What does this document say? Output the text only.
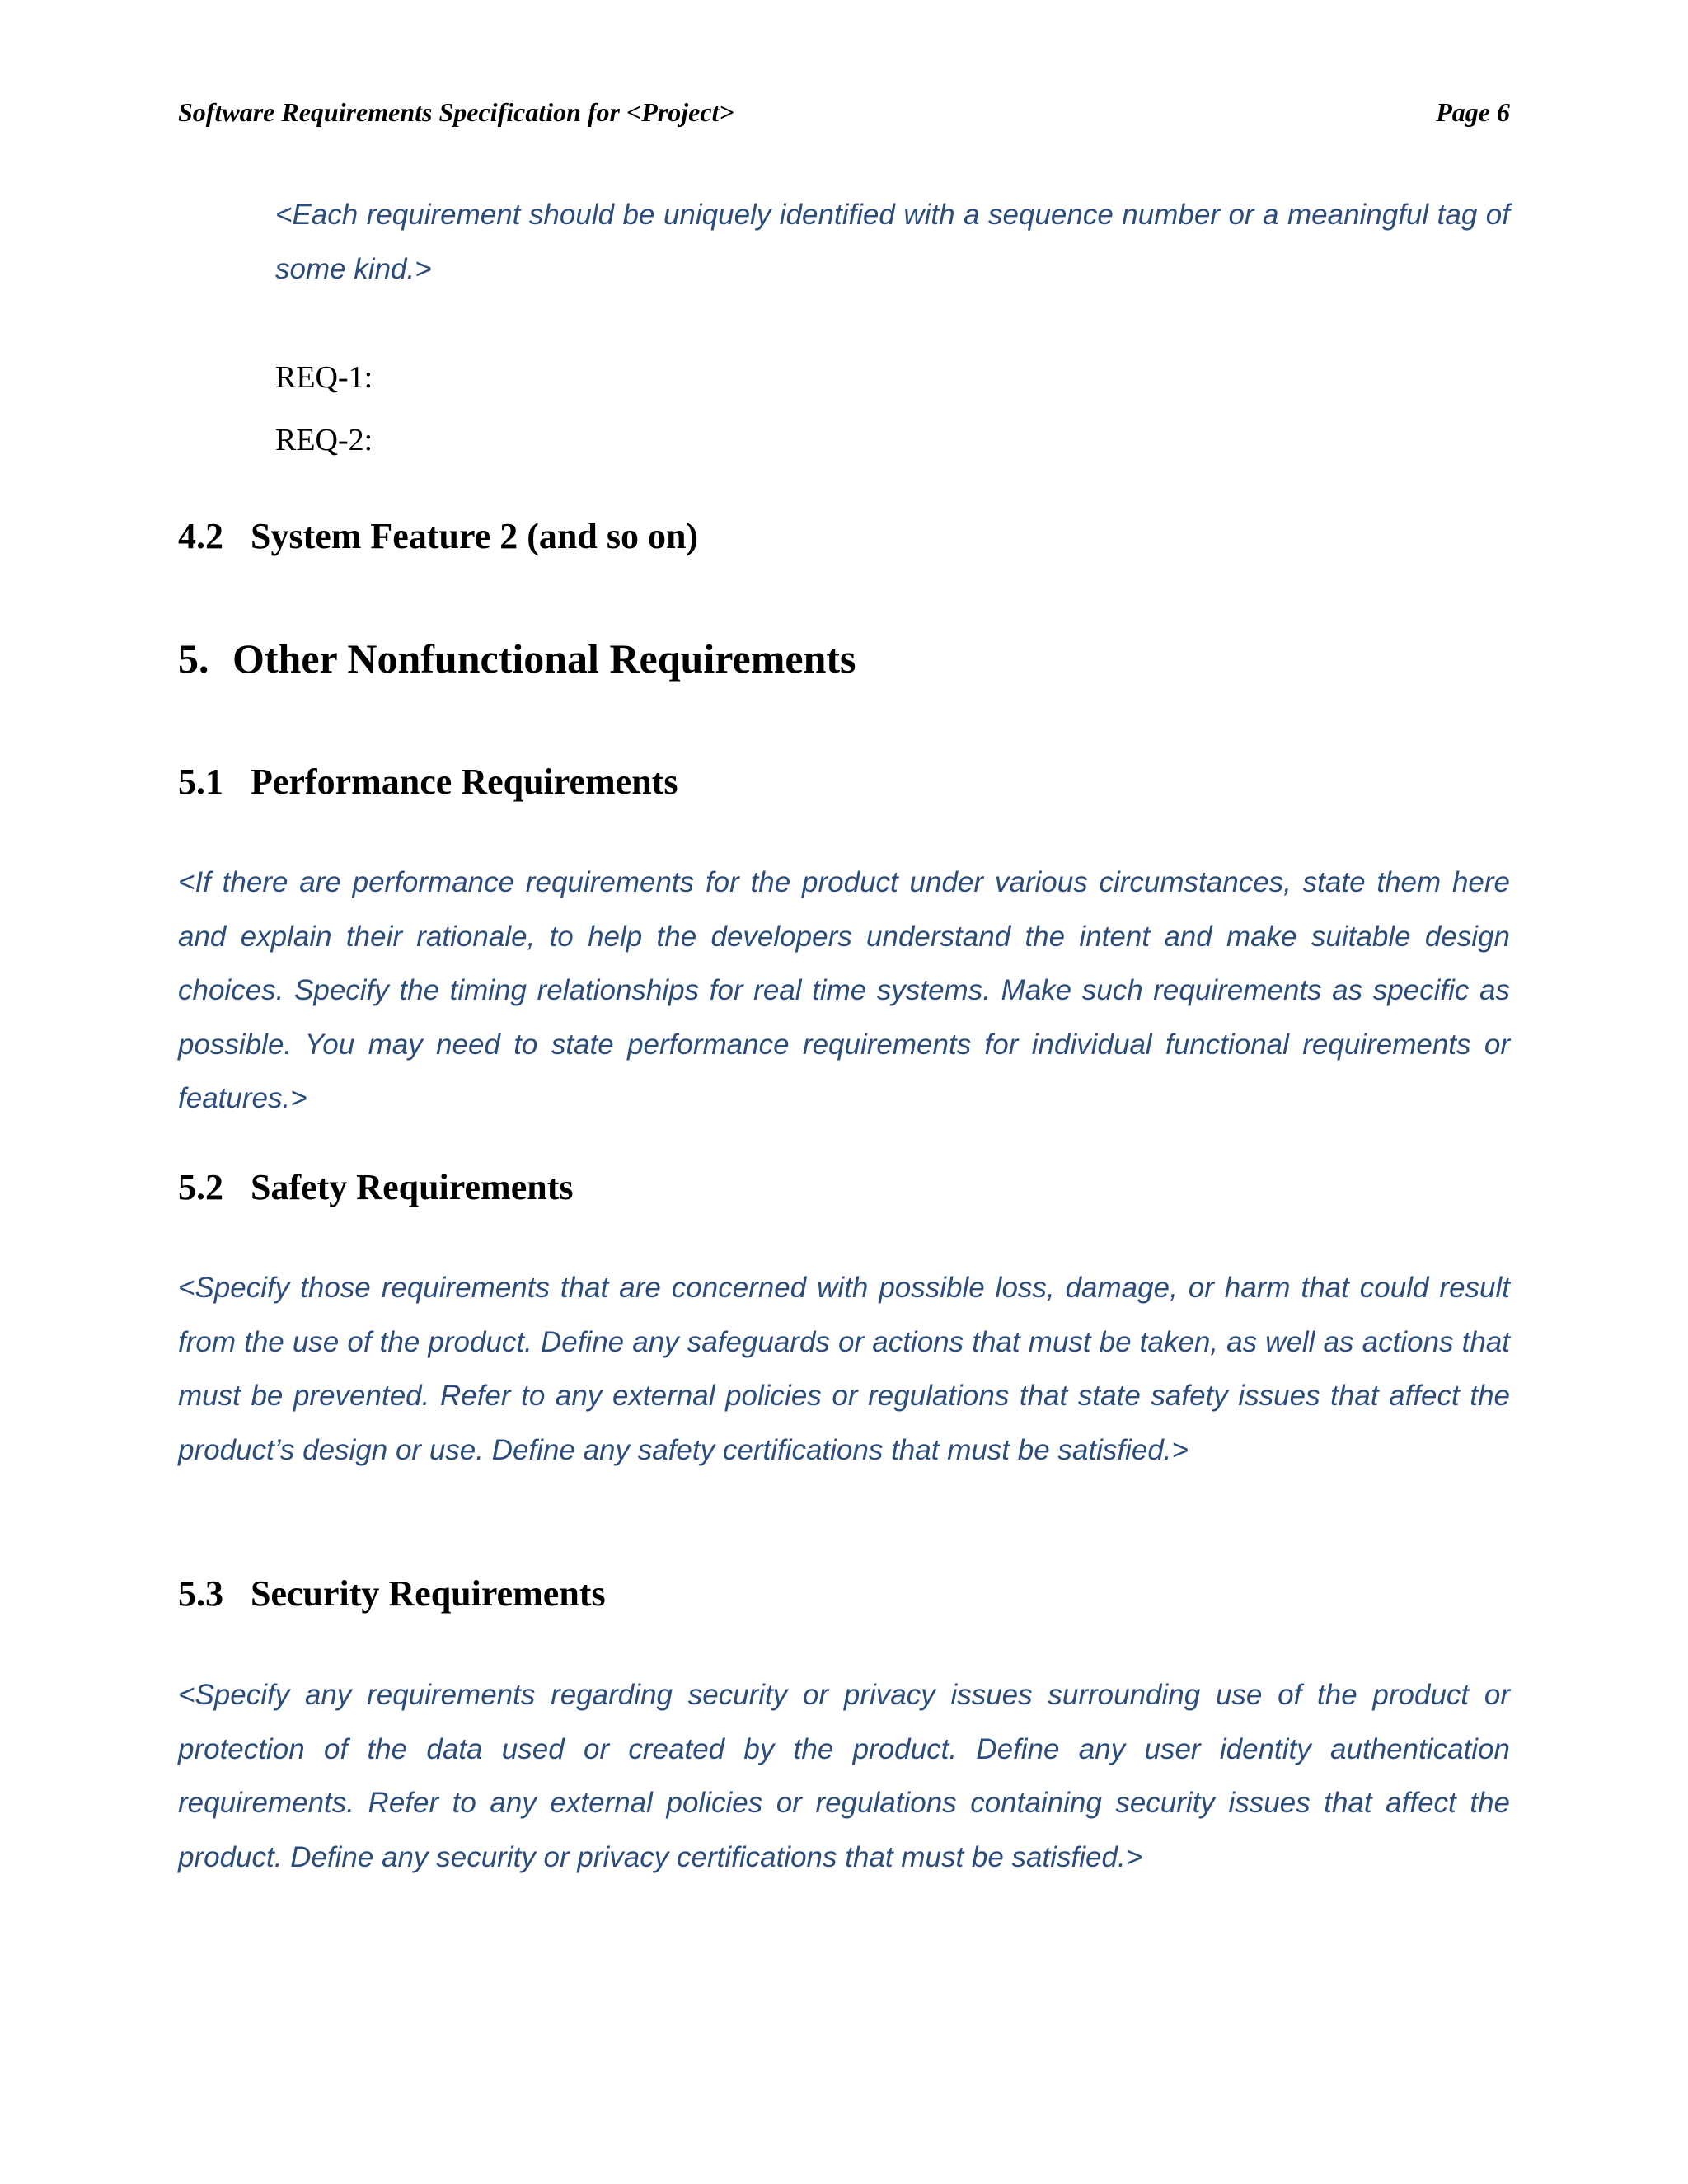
Software Requirements Specification for <Project>	Page 6

<Each requirement should be uniquely identified with a sequence number or a meaningful tag of some kind.>

REQ-1:

REQ-2:

4.2 System Feature 2 (and so on)

5. Other Nonfunctional Requirements

5.1 Performance Requirements

<If there are performance requirements for the product under various circumstances, state them here and explain their rationale, to help the developers understand the intent and make suitable design choices. Specify the timing relationships for real time systems. Make such requirements as specific as possible. You may need to state performance requirements for individual functional requirements or features.>

5.2 Safety Requirements

<Specify those requirements that are concerned with possible loss, damage, or harm that could result from the use of the product. Define any safeguards or actions that must be taken, as well as actions that must be prevented. Refer to any external policies or regulations that state safety issues that affect the product’s design or use. Define any safety certifications that must be satisfied.>

5.3 Security Requirements

<Specify any requirements regarding security or privacy issues surrounding use of the product or protection of the data used or created by the product. Define any user identity authentication requirements. Refer to any external policies or regulations containing security issues that affect the product. Define any security or privacy certifications that must be satisfied.>
